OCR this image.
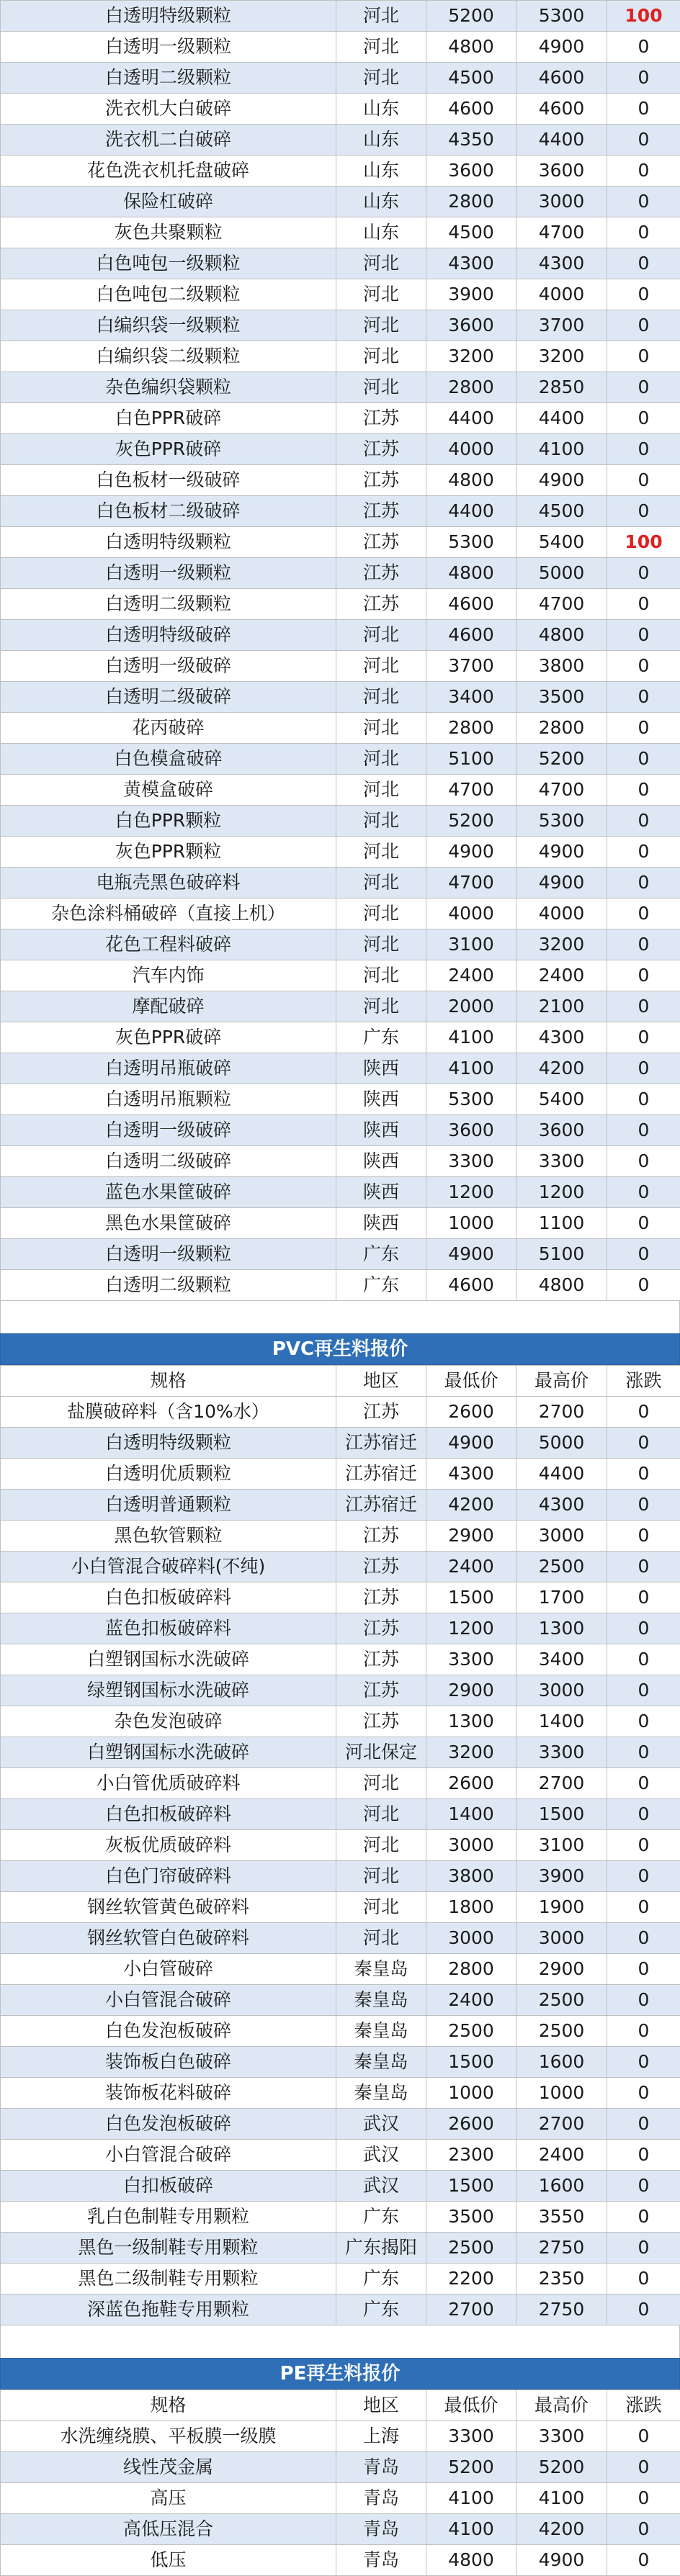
白透明特级颗粒	河北	5200	5300	100
白透明一级颗粒	河北	4800	4900	0
白透明二级颗粒	河北	4500	4600	0
洗衣机大白破碎	山东	4600	4600	0
洗衣机二白破碎	山东	4350	4400	0
花色洗衣机托盘破碎	山东	3600	3600	0
保险杠破碎	山东	2800	3000	0
灰色共聚颗粒	山东	4500	4700	0
白色吨包一级颗粒	河北	4300	4300	0
白色吨包二级颗粒	河北	3900	4000	0
白编织袋一级颗粒	河北	3600	3700	0
白编织袋二级颗粒	河北	3200	3200	0
杂色编织袋颗粒	河北	2800	2850	0
白色PPR破碎	江苏	4400	4400	0
灰色PPR破碎	江苏	4000	4100	0
白色板材一级破碎	江苏	4800	4900	0
白色板材二级破碎	江苏	4400	4500	0
白透明特级颗粒	江苏	5300	5400	100
白透明一级颗粒	江苏	4800	5000	0
白透明二级颗粒	江苏	4600	4700	0
白透明特级破碎	河北	4600	4800	0
白透明一级破碎	河北	3700	3800	0
白透明二级破碎	河北	3400	3500	0
花丙破碎	河北	2800	2800	0
白色模盒破碎	河北	5100	5200	0
黄模盒破碎	河北	4700	4700	0
白色PPR颗粒	河北	5200	5300	0
灰色PPR颗粒	河北	4900	4900	0
电瓶壳黑色破碎料	河北	4700	4900	0
杂色涂料桶破碎（直接上机）	河北	4000	4000	0
花色工程料破碎	河北	3100	3200	0
汽车内饰	河北	2400	2400	0
摩配破碎	河北	2000	2100	0
灰色PPR破碎	广东	4100	4300	0
白透明吊瓶破碎	陕西	4100	4200	0
白透明吊瓶颗粒	陕西	5300	5400	0
白透明一级破碎	陕西	3600	3600	0
白透明二级破碎	陕西	3300	3300	0
蓝色水果筐破碎	陕西	1200	1200	0
黑色水果筐破碎	陕西	1000	1100	0
白透明一级颗粒	广东	4900	5100	0
白透明二级颗粒	广东	4600	4800	0
PVC再生料报价
规格	地区	最低价	最高价	涨跌
盐膜破碎料（含10%水）	江苏	2600	2700	0
白透明特级颗粒	江苏宿迁	4900	5000	0
白透明优质颗粒	江苏宿迁	4300	4400	0
白透明普通颗粒	江苏宿迁	4200	4300	0
黑色软管颗粒	江苏	2900	3000	0
小白管混合破碎料(不纯)	江苏	2400	2500	0
白色扣板破碎料	江苏	1500	1700	0
蓝色扣板破碎料	江苏	1200	1300	0
白塑钢国标水洗破碎	江苏	3300	3400	0
绿塑钢国标水洗破碎	江苏	2900	3000	0
杂色发泡破碎	江苏	1300	1400	0
白塑钢国标水洗破碎	河北保定	3200	3300	0
小白管优质破碎料	河北	2600	2700	0
白色扣板破碎料	河北	1400	1500	0
灰板优质破碎料	河北	3000	3100	0
白色门帘破碎料	河北	3800	3900	0
钢丝软管黄色破碎料	河北	1800	1900	0
钢丝软管白色破碎料	河北	3000	3000	0
小白管破碎	秦皇岛	2800	2900	0
小白管混合破碎	秦皇岛	2400	2500	0
白色发泡板破碎	秦皇岛	2500	2500	0
装饰板白色破碎	秦皇岛	1500	1600	0
装饰板花料破碎	秦皇岛	1000	1000	0
白色发泡板破碎	武汉	2600	2700	0
小白管混合破碎	武汉	2300	2400	0
白扣板破碎	武汉	1500	1600	0
乳白色制鞋专用颗粒	广东	3500	3550	0
黑色一级制鞋专用颗粒	广东揭阳	2500	2750	0
黑色二级制鞋专用颗粒	广东	2200	2350	0
深蓝色拖鞋专用颗粒	广东	2700	2750	0
PE再生料报价
规格	地区	最低价	最高价	涨跌
水洗缠绕膜、平板膜一级膜	上海	3300	3300	0
线性茂金属	青岛	5200	5200	0
高压	青岛	4100	4100	0
高低压混合	青岛	4100	4200	0
低压	青岛	4800	4900	0
